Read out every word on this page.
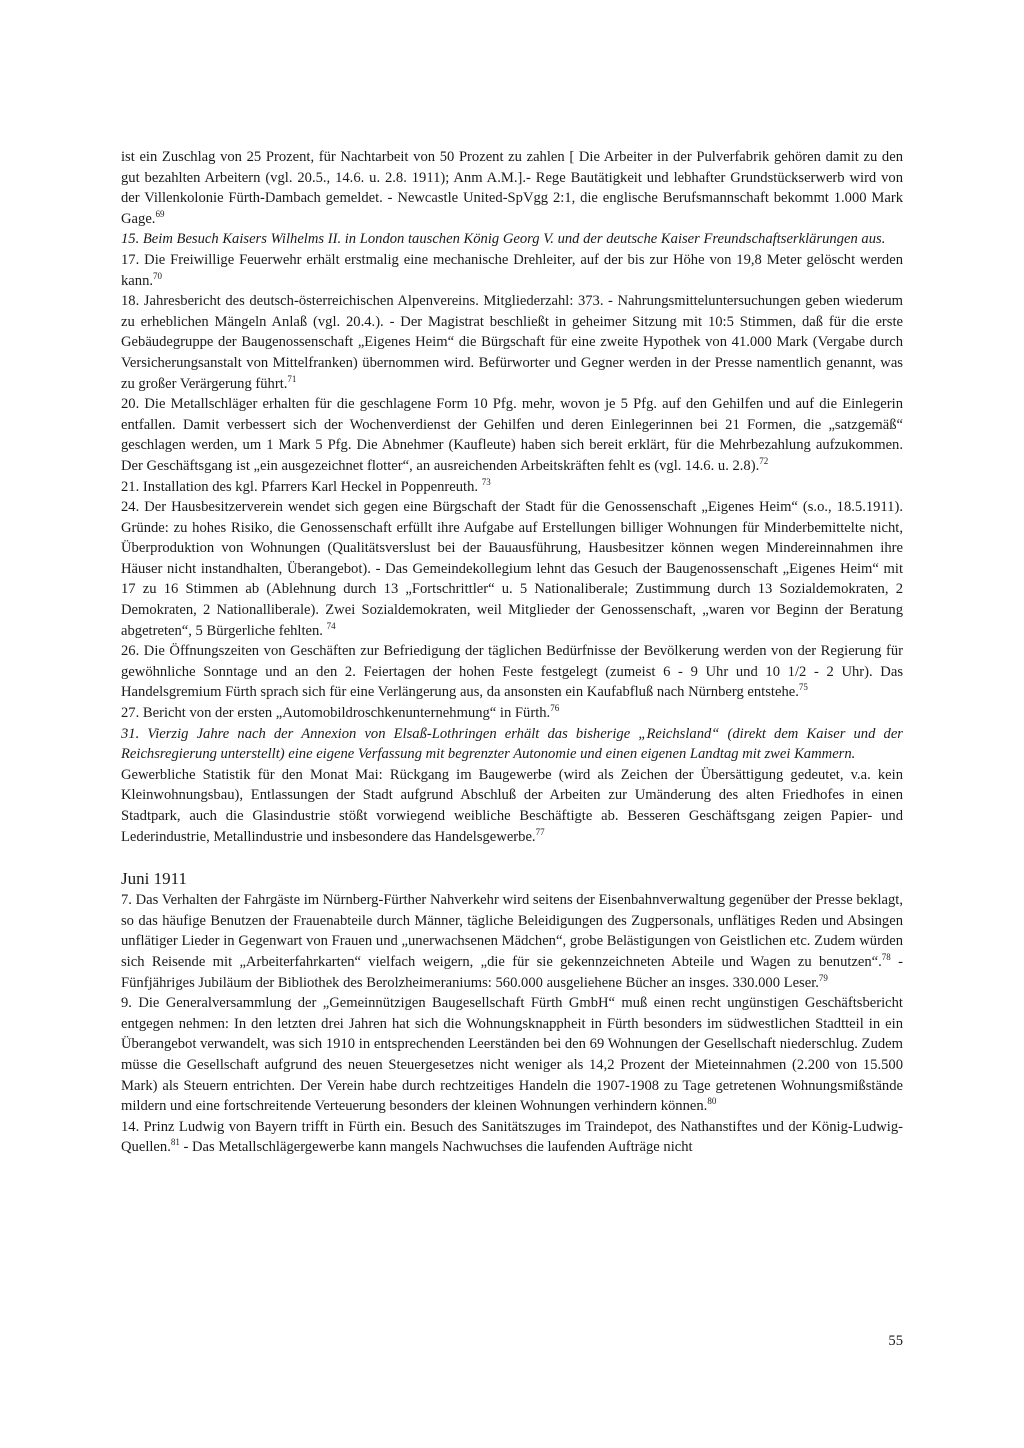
ist ein Zuschlag von 25 Prozent, für Nachtarbeit von 50 Prozent zu zahlen [ Die Arbeiter in der Pulverfabrik gehören damit zu den gut bezahlten Arbeitern (vgl. 20.5., 14.6. u. 2.8. 1911); Anm A.M.].- Rege Bautätigkeit und lebhafter Grundstückserwerb wird von der Villenkolonie Fürth-Dambach gemeldet. - Newcastle United-SpVgg 2:1, die englische Berufsmannschaft bekommt 1.000 Mark Gage.$^{69}$

15. Beim Besuch Kaisers Wilhelms II. in London tauschen König Georg V. und der deutsche Kaiser Freundschaftserklärungen aus.

17. Die Freiwillige Feuerwehr erhält erstmalig eine mechanische Drehleiter, auf der bis zur Höhe von 19,8 Meter gelöscht werden kann.$^{70}$

18. Jahresbericht des deutsch-österreichischen Alpenvereins. Mitgliederzahl: 373. - Nahrungsmitteluntersuchungen geben wiederum zu erheblichen Mängeln Anlaß (vgl. 20.4.). - Der Magistrat beschließt in geheimer Sitzung mit 10:5 Stimmen, daß für die erste Gebäudegruppe der Baugenossenschaft „Eigenes Heim“ die Bürgschaft für eine zweite Hypothek von 41.000 Mark (Vergabe durch Versicherungsanstalt von Mittelfranken) übernommen wird. Befürworter und Gegner werden in der Presse namentlich genannt, was zu großer Verärgerung führt.$^{71}$

20. Die Metallschläger erhalten für die geschlagene Form 10 Pfg. mehr, wovon je 5 Pfg. auf den Gehilfen und auf die Einlegerin entfallen. Damit verbessert sich der Wochenverdienst der Gehilfen und deren Einlegerinnen bei 21 Formen, die „satzgemäß“ geschlagen werden, um 1 Mark 5 Pfg. Die Abnehmer (Kaufleute) haben sich bereit erklärt, für die Mehrbezahlung aufzukommen. Der Geschäftsgang ist „ein ausgezeichnet flotter“, an ausreichenden Arbeitskräften fehlt es (vgl. 14.6. u. 2.8).$^{72}$

21. Installation des kgl. Pfarrers Karl Heckel in Poppenreuth. $^{73}$

24. Der Hausbesitzerverein wendet sich gegen eine Bürgschaft der Stadt für die Genossenschaft „Eigenes Heim“ (s.o., 18.5.1911). Gründe: zu hohes Risiko, die Genossenschaft erfüllt ihre Aufgabe auf Erstellungen billiger Wohnungen für Minderbemittelte nicht, Überproduktion von Wohnungen (Qualitätsverslust bei der Bauausführung, Hausbesitzer können wegen Mindereinnahmen ihre Häuser nicht instandhalten, Überangebot). - Das Gemeindekollegium lehnt das Gesuch der Baugenossenschaft „Eigenes Heim“ mit 17 zu 16 Stimmen ab (Ablehnung durch 13 „Fortschrittler“ u. 5 Nationaliberale; Zustimmung durch 13 Sozialdemokraten, 2 Demokraten, 2 Nationalliberale). Zwei Sozialdemokraten, weil Mitglieder der Genossenschaft, „waren vor Beginn der Beratung abgetreten“, 5 Bürgerliche fehlten. $^{74}$

26. Die Öffnungszeiten von Geschäften zur Befriedigung der täglichen Bedürfnisse der Bevölkerung werden von der Regierung für gewöhnliche Sonntage und an den 2. Feiertagen der hohen Feste festgelegt (zumeist 6 - 9 Uhr und 10 1/2 - 2 Uhr). Das Handelsgremium Fürth sprach sich für eine Verlängerung aus, da ansonsten ein Kaufabfluß nach Nürnberg entstehe.$^{75}$

27. Bericht von der ersten „Automobildroschkenunternehmung“ in Fürth.$^{76}$

31. Vierzig Jahre nach der Annexion von Elsaß-Lothringen erhält das bisherige „Reichsland“ (direkt dem Kaiser und der Reichsregierung unterstellt) eine eigene Verfassung mit begrenzter Autonomie und einen eigenen Landtag mit zwei Kammern.

Gewerbliche Statistik für den Monat Mai: Rückgang im Baugewerbe (wird als Zeichen der Übersättigung gedeutet, v.a. kein Kleinwohnungsbau), Entlassungen der Stadt aufgrund Abschluß der Arbeiten zur Umänderung des alten Friedhofes in einen Stadtpark, auch die Glasindustrie stößt vorwiegend weibliche Beschäftigte ab. Besseren Geschäftsgang zeigen Papier- und Lederindustrie, Metallindustrie und insbesondere das Handelsgewerbe.$^{77}$

Juni 1911

7. Das Verhalten der Fahrgäste im Nürnberg-Fürther Nahverkehr wird seitens der Eisenbahnverwaltung gegenüber der Presse beklagt, so das häufige Benutzen der Frauenabteile durch Männer, tägliche Beleidigungen des Zugpersonals, unflätiges Reden und Absingen unflätiger Lieder in Gegenwart von Frauen und „unerwachsenen Mädchen“, grobe Belästigungen von Geistlichen etc. Zudem würden sich Reisende mit „Arbeiterfahrkarten“ vielfach weigern, „die für sie gekennzeichneten Abteile und Wagen zu benutzen“.$^{78}$ - Fünfjähriges Jubiläum der Bibliothek des Berolzheimeraniums: 560.000 ausgeliehene Bücher an insges. 330.000 Leser.$^{79}$

9. Die Generalversammlung der „Gemeinnützigen Baugesellschaft Fürth GmbH“ muß einen recht ungünstigen Geschäftsbericht entgegen nehmen: In den letzten drei Jahren hat sich die Wohnungsknappheit in Fürth besonders im südwestlichen Stadtteil in ein Überangebot verwandelt, was sich 1910 in entsprechenden Leerständen bei den 69 Wohnungen der Gesellschaft niederschlug. Zudem müsse die Gesellschaft aufgrund des neuen Steuergesetzes nicht weniger als 14,2 Prozent der Mieteinnahmen (2.200 von 15.500 Mark) als Steuern entrichten. Der Verein habe durch rechtzeitiges Handeln die 1907-1908 zu Tage getretenen Wohnungsmißstände mildern und eine fortschreitende Verteuerung besonders der kleinen Wohnungen verhindern können.$^{80}$

14. Prinz Ludwig von Bayern trifft in Fürth ein. Besuch des Sanitätszuges im Traindepot, des Nathanstiftes und der König-Ludwig-Quellen.$^{81}$ - Das Metallschlägergewerbe kann mangels Nachwuchses die laufenden Aufträge nicht

55
